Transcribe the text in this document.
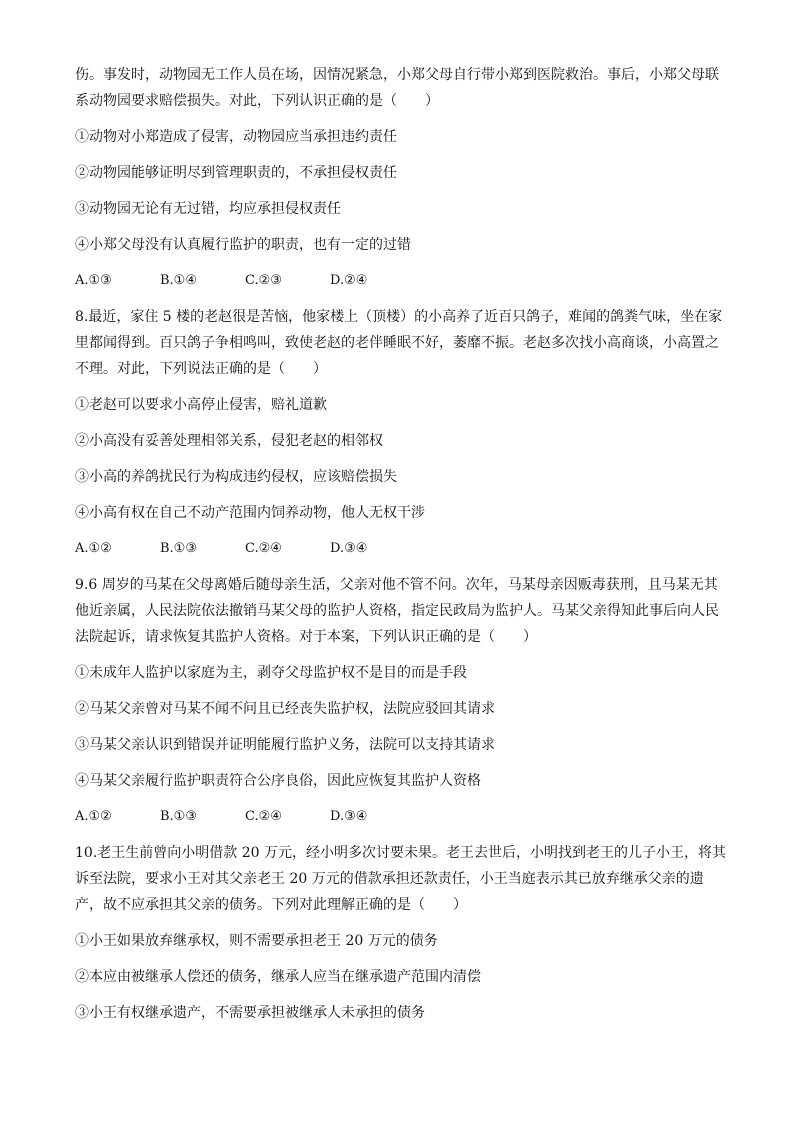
伤。事发时，动物园无工作人员在场，因情况紧急，小郑父母自行带小郑到医院救治。事后，小郑父母联
系动物园要求赔偿损失。对此，下列认识正确的是（　　）
①动物对小郑造成了侵害，动物园应当承担违约责任
②动物园能够证明尽到管理职责的，不承担侵权责任
③动物园无论有无过错，均应承担侵权责任
④小郑父母没有认真履行监护的职责，也有一定的过错
A.①③	B.①④	C.②③	D.②④
8.最近，家住 5 楼的老赵很是苦恼，他家楼上（顶楼）的小高养了近百只鸽子，难闻的鸽粪气味，坐在家
里都闻得到。百只鸽子争相鸣叫，致使老赵的老伴睡眠不好，萎靡不振。老赵多次找小高商谈，小高置之
不理。对此，下列说法正确的是（　　）
①老赵可以要求小高停止侵害，赔礼道歉
②小高没有妥善处理相邻关系，侵犯老赵的相邻权
③小高的养鸽扰民行为构成违约侵权，应该赔偿损失
④小高有权在自己不动产范围内饲养动物，他人无权干涉
A.①②	B.①③	C.②④	D.③④
9.6 周岁的马某在父母离婚后随母亲生活，父亲对他不管不问。次年，马某母亲因贩毒获刑，且马某无其
他近亲属，人民法院依法撤销马某父母的监护人资格，指定民政局为监护人。马某父亲得知此事后向人民
法院起诉，请求恢复其监护人资格。对于本案，下列认识正确的是（　　）
①未成年人监护以家庭为主，剥夺父母监护权不是目的而是手段
②马某父亲曾对马某不闻不问且已经丧失监护权，法院应驳回其请求
③马某父亲认识到错误并证明能履行监护义务，法院可以支持其请求
④马某父亲履行监护职责符合公序良俗，因此应恢复其监护人资格
A.①②	B.①③	C.②④	D.③④
10.老王生前曾向小明借款 20 万元，经小明多次讨要未果。老王去世后，小明找到老王的儿子小王，将其
诉至法院，要求小王对其父亲老王 20 万元的借款承担还款责任，小王当庭表示其已放弃继承父亲的遗
产，故不应承担其父亲的债务。下列对此理解正确的是（　　）
①小王如果放弃继承权，则不需要承担老王 20 万元的债务
②本应由被继承人偿还的债务，继承人应当在继承遗产范围内清偿
③小王有权继承遗产，不需要承担被继承人未承担的债务
